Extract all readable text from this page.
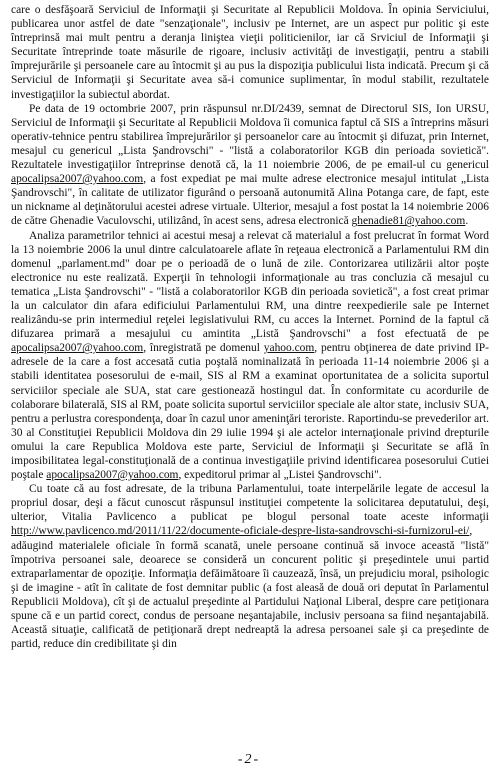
care o desfăşoară Serviciul de Informaţii şi Securitate al Republicii Moldova. În opinia Serviciului, publicarea unor astfel de date "senzaţionale", inclusiv pe Internet, are un aspect pur politic şi este întreprinsă mai mult pentru a deranja liniştea vieţii politicienilor, iar că Srviciul de Informaţii şi Securitate întreprinde toate măsurile de rigoare, inclusiv activităţi de investigaţii, pentru a stabili împrejurările şi persoanele care au întocmit şi au pus la dispoziţia publicului lista indicată. Precum şi că Serviciul de Informaţii şi Securitate avea să-i comunice suplimentar, în modul stabilit, rezultatele investigaţiilor la subiectul abordat.

Pe data de 19 octombrie 2007, prin răspunsul nr.DI/2439, semnat de Directorul SIS, Ion URSU, Serviciul de Informaţii şi Securitate al Republicii Moldova îi comunica faptul că SIS a întreprins măsuri operativ-tehnice pentru stabilirea împrejurărilor şi persoanelor care au întocmit şi difuzat, prin Internet, mesajul cu genericul „Lista Şandrovschi" - "listă a colaboratorilor KGB din perioada sovietică". Rezultatele investigaţiilor întreprinse denotă că, la 11 noiembrie 2006, de pe email-ul cu genericul apocalipsa2007@yahoo.com, a fost expediat pe mai multe adrese electronice mesajul intitulat „Lista Şandrovschi", în calitate de utilizator figurând o persoană autonumită Alina Potanga care, de fapt, este un nickname al deţinătorului acestei adrese virtuale. Ulterior, mesajul a fost postat la 14 noiembrie 2006 de către Ghenadie Vaculovschi, utilizând, în acest sens, adresa electronică ghenadie81@yahoo.com.

Analiza parametrilor tehnici ai acestui mesaj a relevat că materialul a fost prelucrat în format Word la 13 noiembrie 2006 la unul dintre calculatoarele aflate în reţeaua electronică a Parlamentului RM din domenul „parlament.md" doar pe o perioadă de o lună de zile. Contorizarea utilizării altor poşte electronice nu este realizată. Experţii în tehnologii informaţionale au tras concluzia că mesajul cu tematica „Lista Şandrovschi" - "listă a colaboratorilor KGB din perioada sovietică", a fost creat primar la un calculator din afara edificiului Parlamentului RM, una dintre reexpedierile sale pe Internet realizându-se prin intermediul reţelei legislativului RM, cu acces la Internet. Pornind de la faptul că difuzarea primară a mesajului cu amintita „Listă Şandrovschi" a fost efectuată de pe apocalipsa2007@yahoo.com, înregistrată pe domenul yahoo.com, pentru obţinerea de date privind IP-adresele de la care a fost accesată cutia poştală nominalizată în perioada 11-14 noiembrie 2006 şi a stabili identitatea posesorului de e-mail, SIS al RM a examinat oportunitatea de a solicita suportul serviciilor speciale ale SUA, stat care gestionează hostingul dat. În conformitate cu acordurile de colaborare bilaterală, SIS al RM, poate solicita suportul serviciilor speciale ale altor state, inclusiv SUA, pentru a perlustra corespondenţa, doar în cazul unor ameninţări teroriste. Raportindu-se prevederilor art. 30 al Constituţiei Republicii Moldova din 29 iulie 1994 şi ale actelor internaţionale privind drepturile omului la care Republica Moldova este parte, Serviciul de Informaţii şi Securitate se află în imposibilitatea legal-constituţională de a continua investigaţiile privind identificarea posesorului Cutiei poştale apocalipsa2007@yahoo.com, expeditorul primar al „Listei Şandrovschi".

Cu toate că au fost adresate, de la tribuna Parlamentului, toate interpelările legate de accesul la propriul dosar, deşi a făcut cunoscut răspunsul instituţiei competente la solicitarea deputatului, deşi, ulterior, Vitalia Pavlicenco a publicat pe blogul personal toate aceste informaţii http://www.pavlicenco.md/2011/11/22/documente-oficiale-despre-lista-sandrovschi-si-furnizorul-ei/, adăugind materialele oficiale în formă scanată, unele persoane continuă să invoce această "listă" împotriva persoanei sale, deoarece se consideră un concurent politic şi preşedintele unui partid extraparlamentar de opoziţie. Informaţia defăimătoare îi cauzează, însă, un prejudiciu moral, psihologic şi de imagine - atît în calitate de fost demnitar public (a fost aleasă de două ori deputat în Parlamentul Republicii Moldova), cît şi de actualul preşedinte al Partidului Naţional Liberal, despre care petiţionara spune că e un partid corect, condus de persoane neşantajabile, inclusiv persoana sa fiind neşantajabilă. Această situaţie, calificată de petiţionară drept nedreaptă la adresa persoanei sale şi ca preşedinte de partid, reduce din credibilitate şi din

-2-
